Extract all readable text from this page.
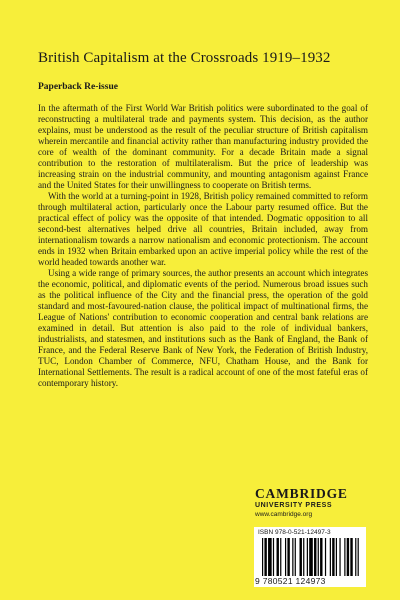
British Capitalism at the Crossroads 1919–1932
Paperback Re-issue

In the aftermath of the First World War British politics were subordinated to the goal of reconstructing a multilateral trade and payments system. This decision, as the author explains, must be understood as the result of the peculiar structure of British capitalism wherein mercantile and financial activity rather than manufacturing industry provided the core of wealth of the dominant community. For a decade Britain made a signal contribution to the restoration of multilateralism. But the price of leadership was increasing strain on the industrial community, and mounting antagonism against France and the United States for their unwillingness to cooperate on British terms.

With the world at a turning-point in 1928, British policy remained committed to reform through multilateral action, particularly once the Labour party resumed office. But the practical effect of policy was the opposite of that intended. Dogmatic opposition to all second-best alternatives helped drive all countries, Britain included, away from internationalism towards a narrow nationalism and economic protectionism. The account ends in 1932 when Britain embarked upon an active imperial policy while the rest of the world headed towards another war.

Using a wide range of primary sources, the author presents an account which integrates the economic, political, and diplomatic events of the period. Numerous broad issues such as the political influence of the City and the financial press, the operation of the gold standard and most-favoured-nation clause, the political impact of multinational firms, the League of Nations' contribution to economic cooperation and central bank relations are examined in detail. But attention is also paid to the role of individual bankers, industrialists, and statesmen, and institutions such as the Bank of England, the Bank of France, and the Federal Reserve Bank of New York, the Federation of British Industry, TUC, London Chamber of Commerce, NFU, Chatham House, and the Bank for International Settlements. The result is a radical account of one of the most fateful eras of contemporary history.

CAMBRIDGE
UNIVERSITY PRESS
www.cambridge.org
ISBN 978-0-521-12497-3
9 780521 124973
